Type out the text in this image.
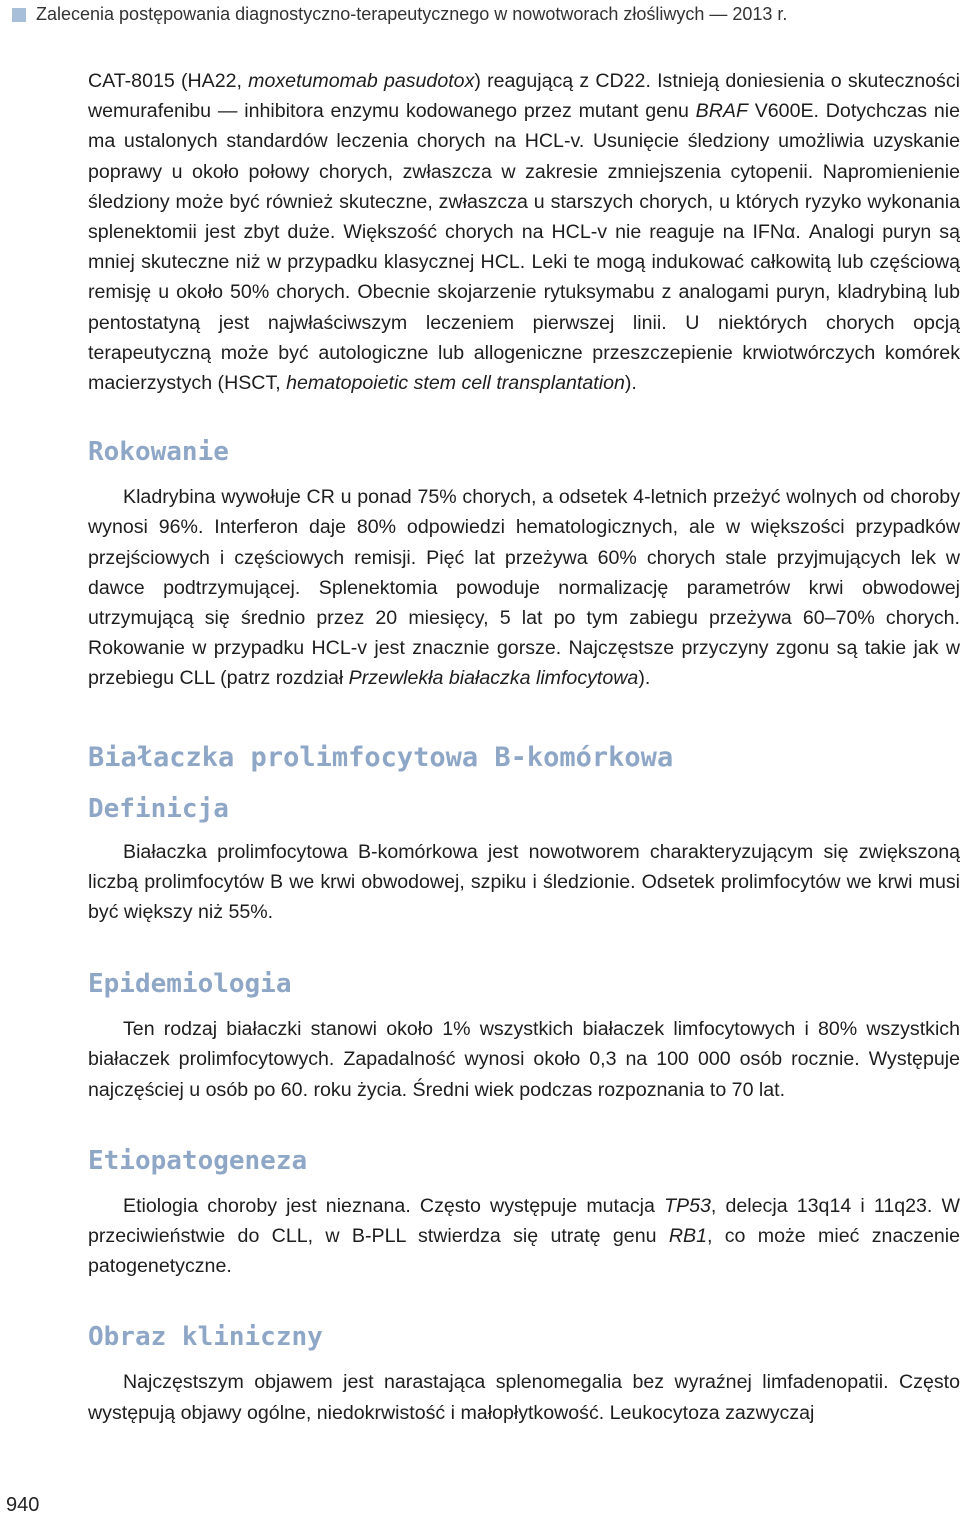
Zalecenia postępowania diagnostyczno-terapeutycznego w nowotworach złośliwych — 2013 r.

CAT-8015 (HA22, moxetumomab pasudotox) reagującą z CD22. Istnieją doniesienia o skuteczności wemurafenibu — inhibitora enzymu kodowanego przez mutant genu BRAF V600E. Dotychczas nie ma ustalonych standardów leczenia chorych na HCL-v. Usunięcie śledziony umożliwia uzyskanie poprawy u około połowy chorych, zwłaszcza w zakresie zmniejszenia cytopenii. Napromienienie śledziony może być również skuteczne, zwłaszcza u starszych chorych, u których ryzyko wykonania splenektomii jest zbyt duże. Większość chorych na HCL-v nie reaguje na IFNα. Analogi puryn są mniej skuteczne niż w przypadku klasycznej HCL. Leki te mogą indukować całkowitą lub częściową remisję u około 50% chorych. Obecnie skojarzenie rytuksymabu z analogami puryn, kladrybiną lub pentostatyną jest najwłaściwszym leczeniem pierwszej linii. U niektórych chorych opcją terapeutyczną może być autologiczne lub allogeniczne przeszczepienie krwiotwórczych komórek macierzystych (HSCT, hematopoietic stem cell transplantation).

Rokowanie

Kladrybina wywołuje CR u ponad 75% chorych, a odsetek 4-letnich przeżyć wolnych od choroby wynosi 96%. Interferon daje 80% odpowiedzi hematologicznych, ale w większości przypadków przejściowych i częściowych remisji. Pięć lat przeżywa 60% chorych stale przyjmujących lek w dawce podtrzymującej. Splenektomia powoduje normalizację parametrów krwi obwodowej utrzymującą się średnio przez 20 miesięcy, 5 lat po tym zabiegu przeżywa 60–70% chorych. Rokowanie w przypadku HCL-v jest znacznie gorsze. Najczęstsze przyczyny zgonu są takie jak w przebiegu CLL (patrz rozdział Przewlekła białaczka limfocytowa).

Białaczka prolimfocytowa B-komórkowa
Definicja

Białaczka prolimfocytowa B-komórkowa jest nowotworem charakteryzującym się zwiększoną liczbą prolimfocytów B we krwi obwodowej, szpiku i śledzionie. Odsetek prolimfocytów we krwi musi być większy niż 55%.

Epidemiologia

Ten rodzaj białaczki stanowi około 1% wszystkich białaczek limfocytowych i 80% wszystkich białaczek prolimfocytowych. Zapadalność wynosi około 0,3 na 100 000 osób rocznie. Występuje najczęściej u osób po 60. roku życia. Średni wiek podczas rozpoznania to 70 lat.

Etiopatogeneza

Etiologia choroby jest nieznana. Często występuje mutacja TP53, delecja 13q14 i 11q23. W przeciwieństwie do CLL, w B-PLL stwierdza się utratę genu RB1, co może mieć znaczenie patogenetyczne.

Obraz kliniczny

Najczęstszym objawem jest narastająca splenomegalia bez wyraźnej limfadenopatii. Często występują objawy ogólne, niedokrwistość i małopłytkowość. Leukocytoza zazwyczaj

940
